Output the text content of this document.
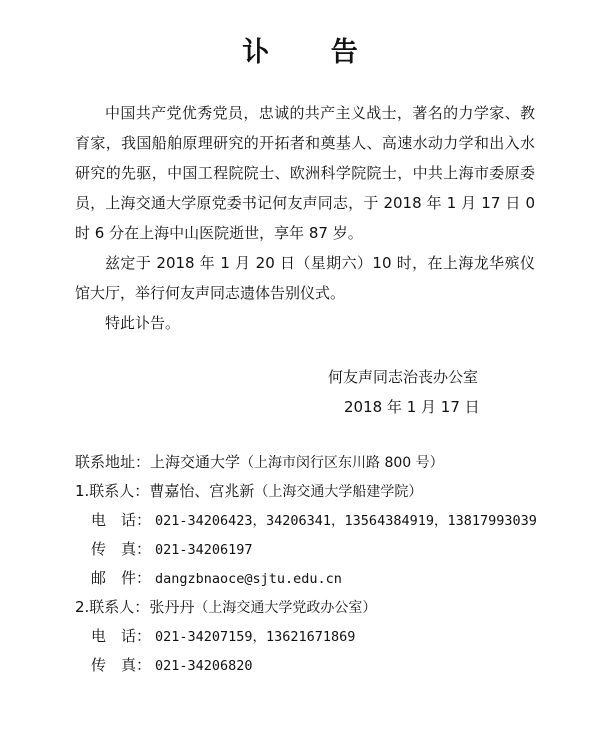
讣 告

中国共产党优秀党员，忠诚的共产主义战士，著名的力学家、教育家，我国船舶原理研究的开拓者和奠基人、高速水动力学和出入水研究的先驱，中国工程院院士、欧洲科学院院士，中共上海市委原委员，上海交通大学原党委书记何友声同志，于 2018 年 1 月 17 日 0 时 6 分在上海中山医院逝世，享年 87 岁。

兹定于 2018 年 1 月 20 日（星期六）10 时，在上海龙华殡仪馆大厅，举行何友声同志遗体告别仪式。

特此讣告。

何友声同志治丧办公室
2018 年 1 月 17 日
联系地址：上海交通大学（上海市闵行区东川路 800 号）
1.联系人：曹嘉怡、宫兆新（上海交通大学船建学院）
电　话： 021-34206423，34206341，13564384919，13817993039
传　真： 021-34206197
邮　件： dangzbnaoce@sjtu.edu.cn
2.联系人：张丹丹（上海交通大学党政办公室）
电　话： 021-34207159，13621671869
传　真： 021-34206820
